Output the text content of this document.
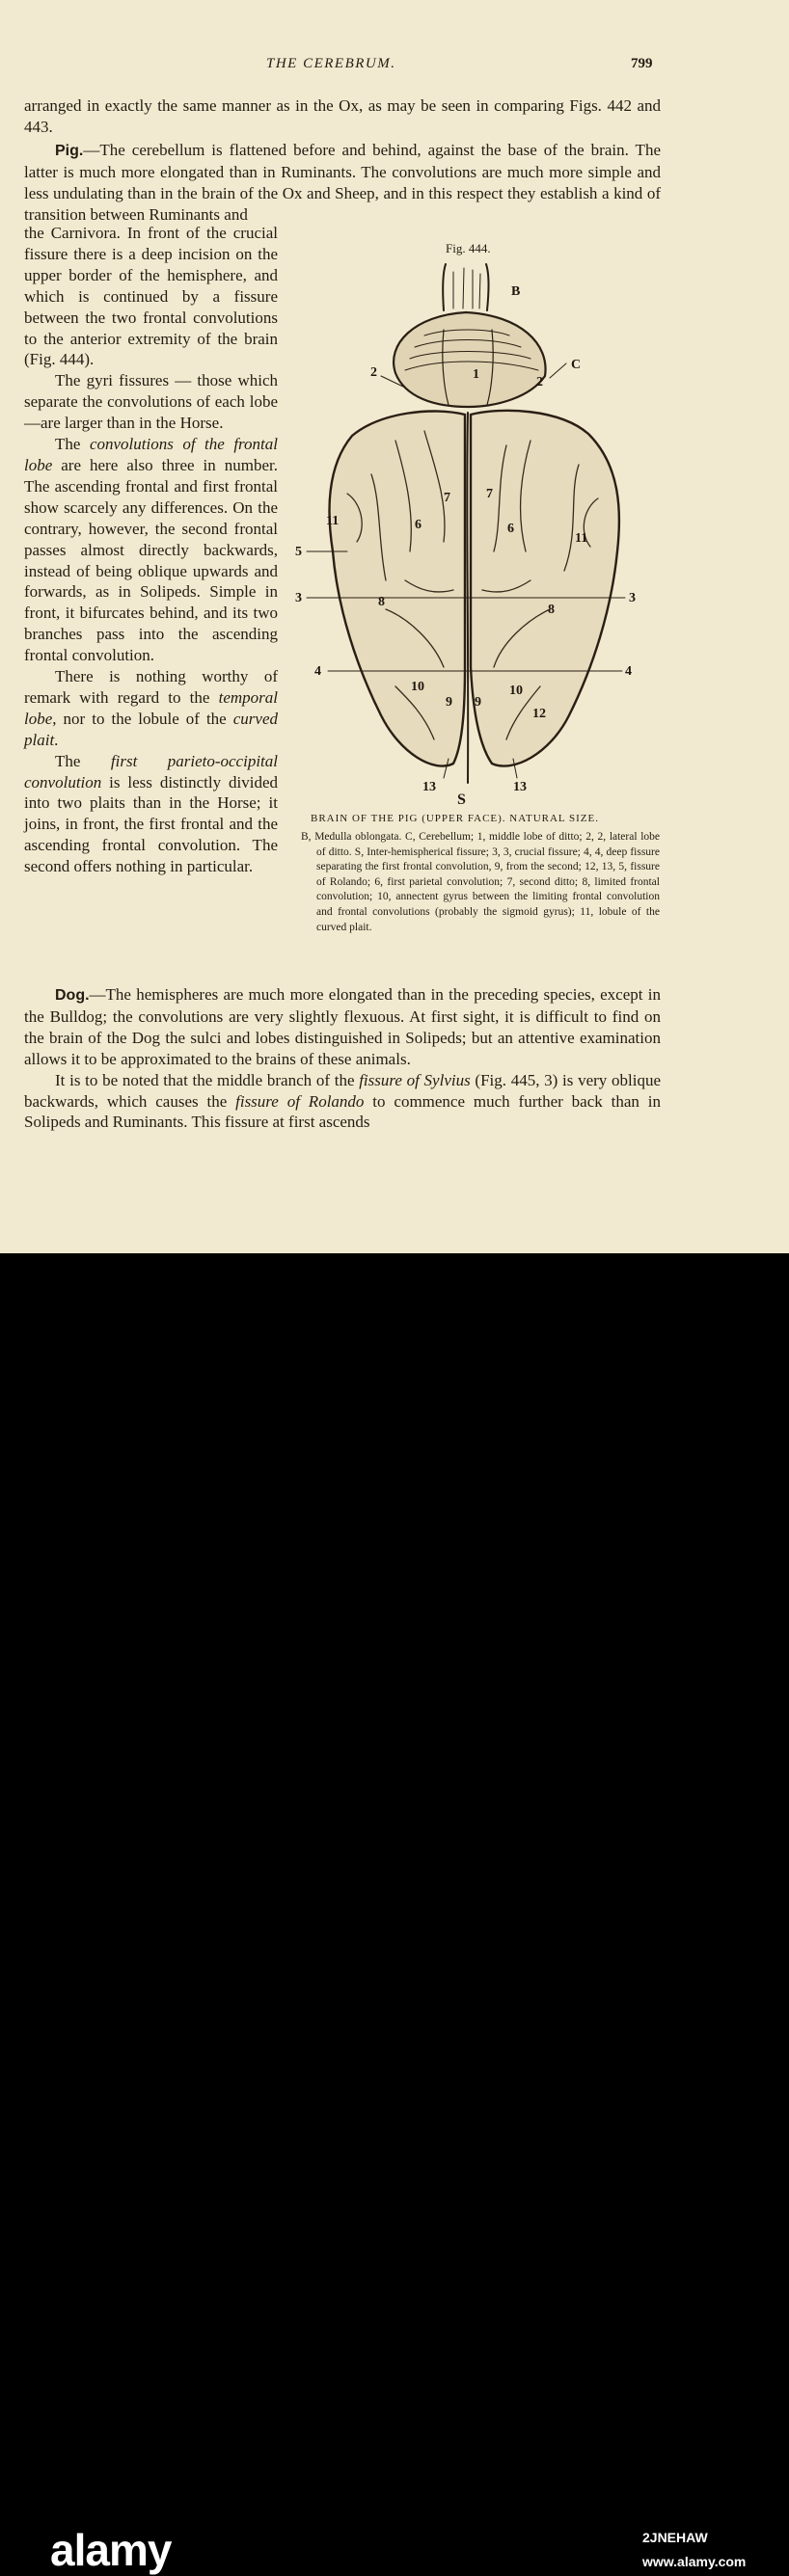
THE CEREBRUM.	799

arranged in exactly the same manner as in the Ox, as may be seen in comparing Figs. 442 and 443.

Pig.—The cerebellum is flattened before and behind, against the base of the brain. The latter is much more elongated than in Ruminants. The convolutions are much more simple and less undulating than in the brain of the Ox and Sheep, and in this respect they establish a kind of transition between Ruminants and

the Carnivora. In front of the crucial fissure there is a deep incision on the upper border of the hemisphere, and which is continued by a fissure between the two frontal convolutions to the anterior extremity of the brain (Fig. 444).

The gyri fissures — those which separate the convolutions of each lobe—are larger than in the Horse.

The convolutions of the frontal lobe are here also three in number. The ascending frontal and first frontal show scarcely any differences. On the contrary, however, the second frontal passes almost directly backwards, instead of being oblique upwards and forwards, as in Solipeds. Simple in front, it bifurcates behind, and its two branches pass into the ascending frontal convolution.

There is nothing worthy of remark with regard to the temporal lobe, nor to the lobule of the curved plait.

The first parieto-occipital convolution is less distinctly divided into two plaits than in the Horse; it joins, in front, the first frontal and the ascending frontal convolution. The second offers nothing in particular.

Fig. 444.
B
C
2
2
1
5
3	3
4	4
6	6
7	7
8
8
9 9
10	10
11
11
12
13	13
S
BRAIN OF THE PIG (UPPER FACE). NATURAL SIZE.

B, Medulla oblongata. C, Cerebellum; 1, middle lobe of ditto; 2, 2, lateral lobe of ditto. S, Inter-hemispherical fissure; 3, 3, crucial fissure; 4, 4, deep fissure separating the first frontal convolution, 9, from the second; 12, 13, 5, fissure of Rolando; 6, first parietal convolution; 7, second ditto; 8, limited frontal convolution; 10, annectent gyrus between the limiting frontal convolution and frontal convolutions (probably the sigmoid gyrus); 11, lobule of the curved plait.

Dog.—The hemispheres are much more elongated than in the preceding species, except in the Bulldog; the convolutions are very slightly flexuous. At first sight, it is difficult to find on the brain of the Dog the sulci and lobes distinguished in Solipeds; but an attentive examination allows it to be approximated to the brains of these animals.

It is to be noted that the middle branch of the fissure of Sylvius (Fig. 445, 3) is very oblique backwards, which causes the fissure of Rolando to commence much further back than in Solipeds and Ruminants. This fissure at first ascends

alamy	2JNEHAW
www.alamy.com
